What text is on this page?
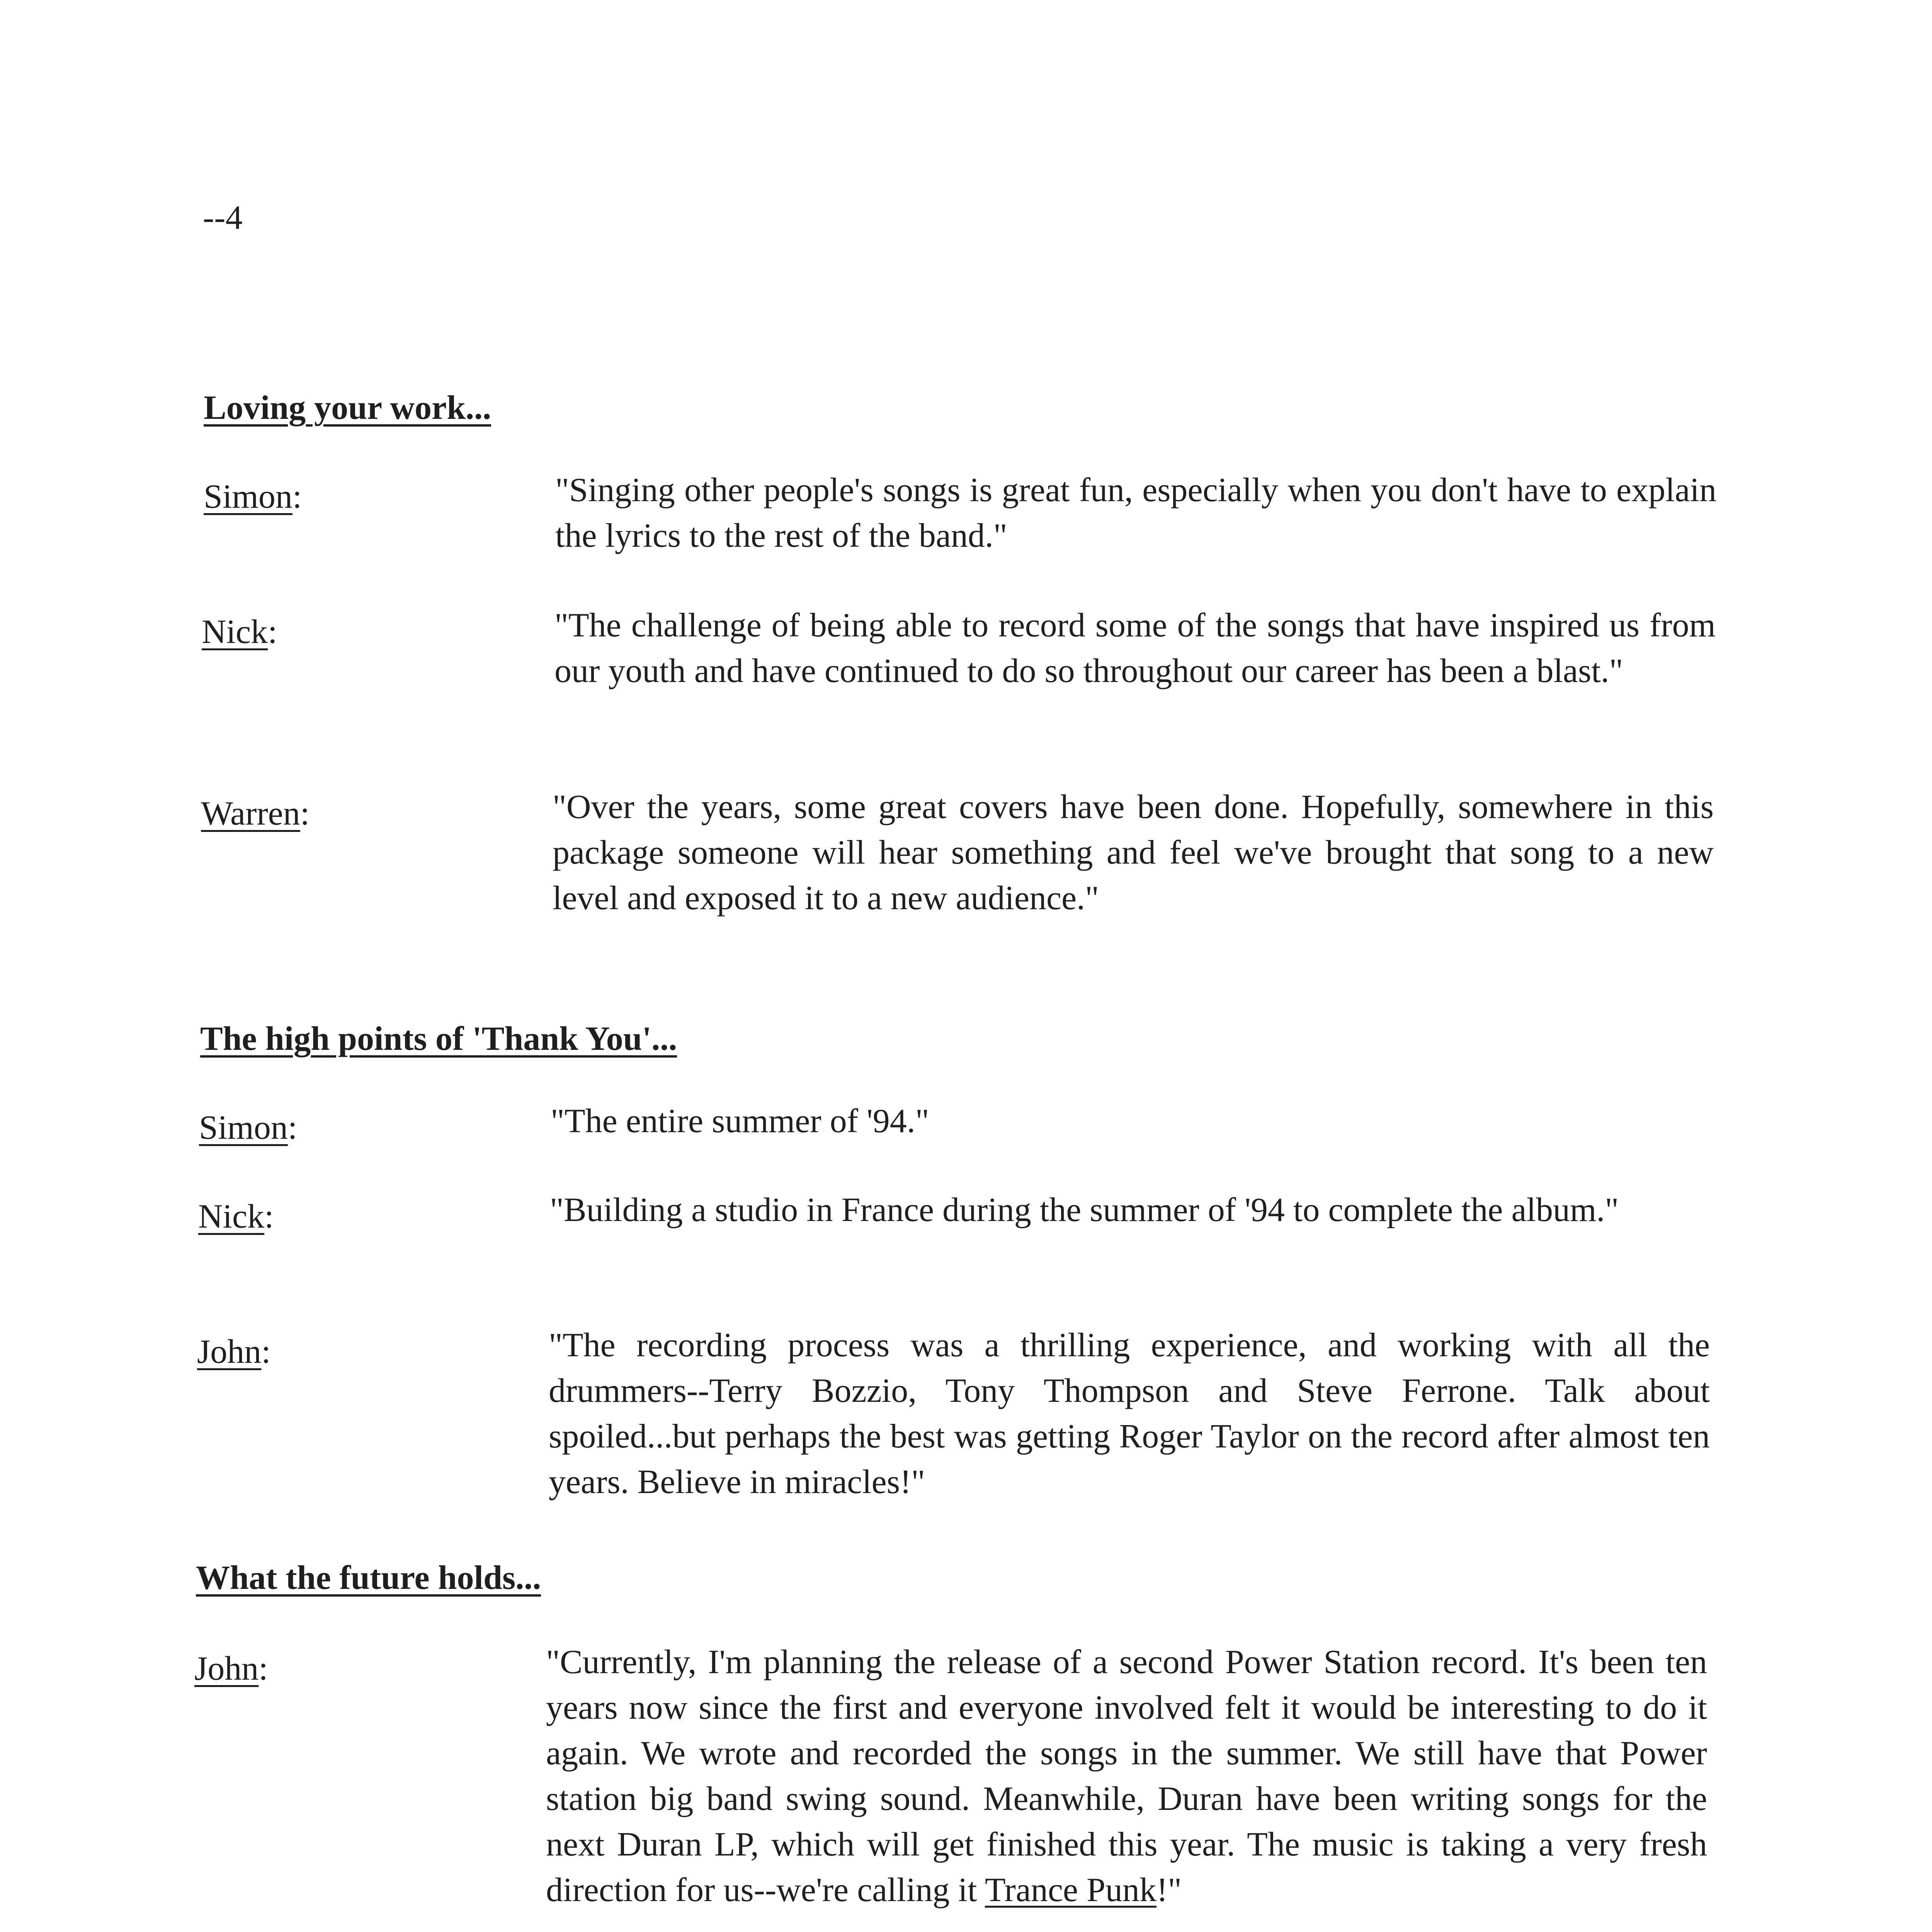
--4
Loving your work...
Simon:	"Singing other people's songs is great fun, especially when you don't have to explain the lyrics to the rest of the band."

Nick:	"The challenge of being able to record some of the songs that have inspired us from our youth and have continued to do so throughout our career has been a blast."

Warren:	"Over the years, some great covers have been done. Hopefully, somewhere in this package someone will hear something and feel we've brought that song to a new level and exposed it to a new audience."

The high points of 'Thank You'...
Simon:	"The entire summer of '94."

Nick:	"Building a studio in France during the summer of '94 to complete the album."

John:	"The recording process was a thrilling experience, and working with all the drummers--Terry Bozzio, Tony Thompson and Steve Ferrone. Talk about spoiled...but perhaps the best was getting Roger Taylor on the record after almost ten years. Believe in miracles!"

What the future holds...
John:	"Currently, I'm planning the release of a second Power Station record. It's been ten years now since the first and everyone involved felt it would be interesting to do it again. We wrote and recorded the songs in the summer. We still have that Power station big band swing sound. Meanwhile, Duran have been writing songs for the next Duran LP, which will get finished this year. The music is taking a very fresh direction for us--we're calling it Trance Punk!"
